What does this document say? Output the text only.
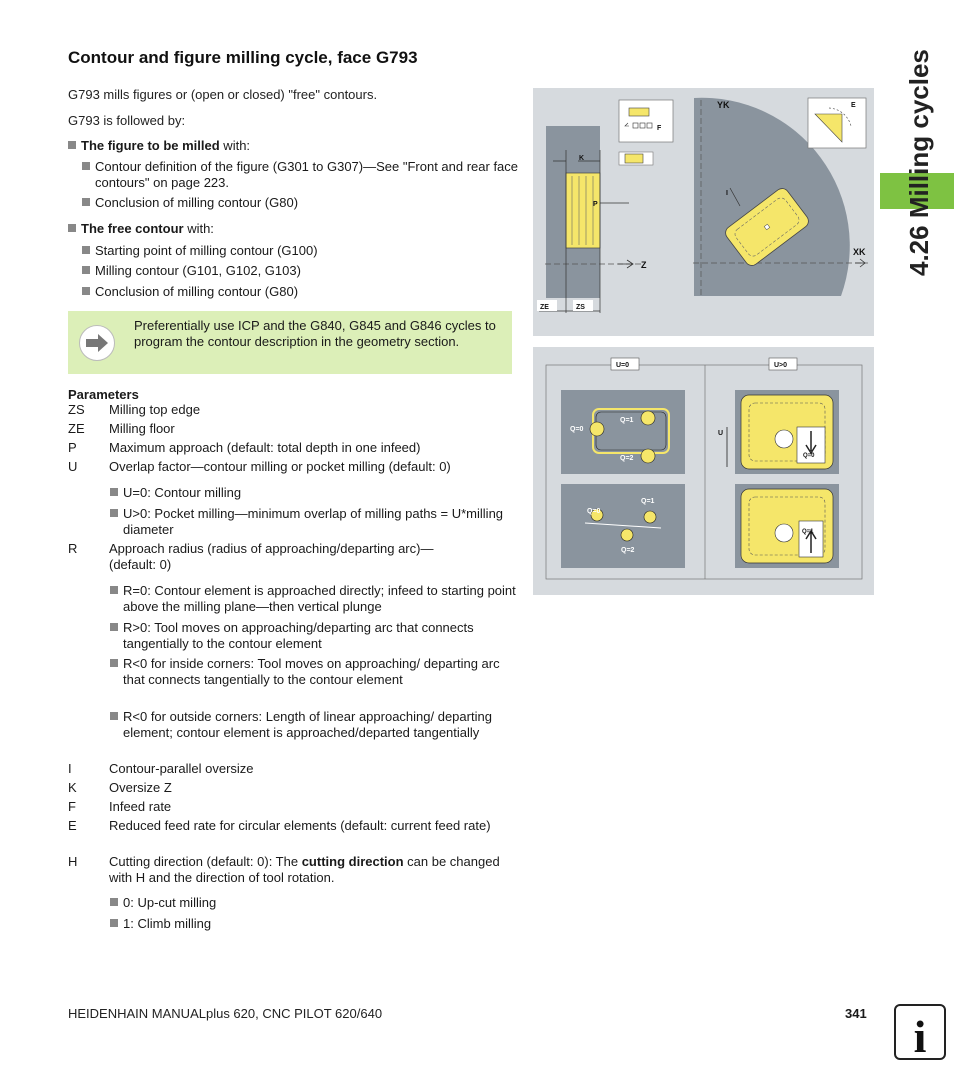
Contour and figure milling cycle, face G793
G793 mills figures or (open or closed) "free" contours.
G793 is followed by:
The figure to be milled with:
Contour definition of the figure (G301 to G307)—See "Front and rear face contours" on page 223.
Conclusion of milling contour (G80)
The free contour with:
Starting point of milling contour (G100)
Milling contour (G101, G102, G103)
Conclusion of milling contour (G80)
Preferentially use ICP and the G840, G845 and G846 cycles to program the contour description in the geometry section.
Parameters
ZS	Milling top edge
ZE	Milling floor
P	Maximum approach (default: total depth in one infeed)
U	Overlap factor—contour milling or pocket milling (default: 0)
U=0: Contour milling
U>0: Pocket milling—minimum overlap of milling paths = U*milling diameter
R	Approach radius (radius of approaching/departing arc)— (default: 0)
R=0: Contour element is approached directly; infeed to starting point above the milling plane—then vertical plunge
R>0: Tool moves on approaching/departing arc that connects tangentially to the contour element
R<0 for inside corners: Tool moves on approaching/ departing arc that connects tangentially to the contour element
R<0 for outside corners: Length of linear approaching/ departing element; contour element is approached/departed tangentially
I	Contour-parallel oversize
K	Oversize Z
F	Infeed rate
E	Reduced feed rate for circular elements (default: current feed rate)
H	Cutting direction (default: 0): The cutting direction can be changed with H and the direction of tool rotation.
0: Up-cut milling
1: Climb milling
Z
K
P
ZE	ZS
F
YK
XK
I
E
U=0	U>0
Q=0
Q=1
Q=2
Q=0
Q=1
Q=2
Q=0
U
Q=1
4.26 Milling cycles
HEIDENHAIN MANUALplus 620, CNC PILOT 620/640	341 i
